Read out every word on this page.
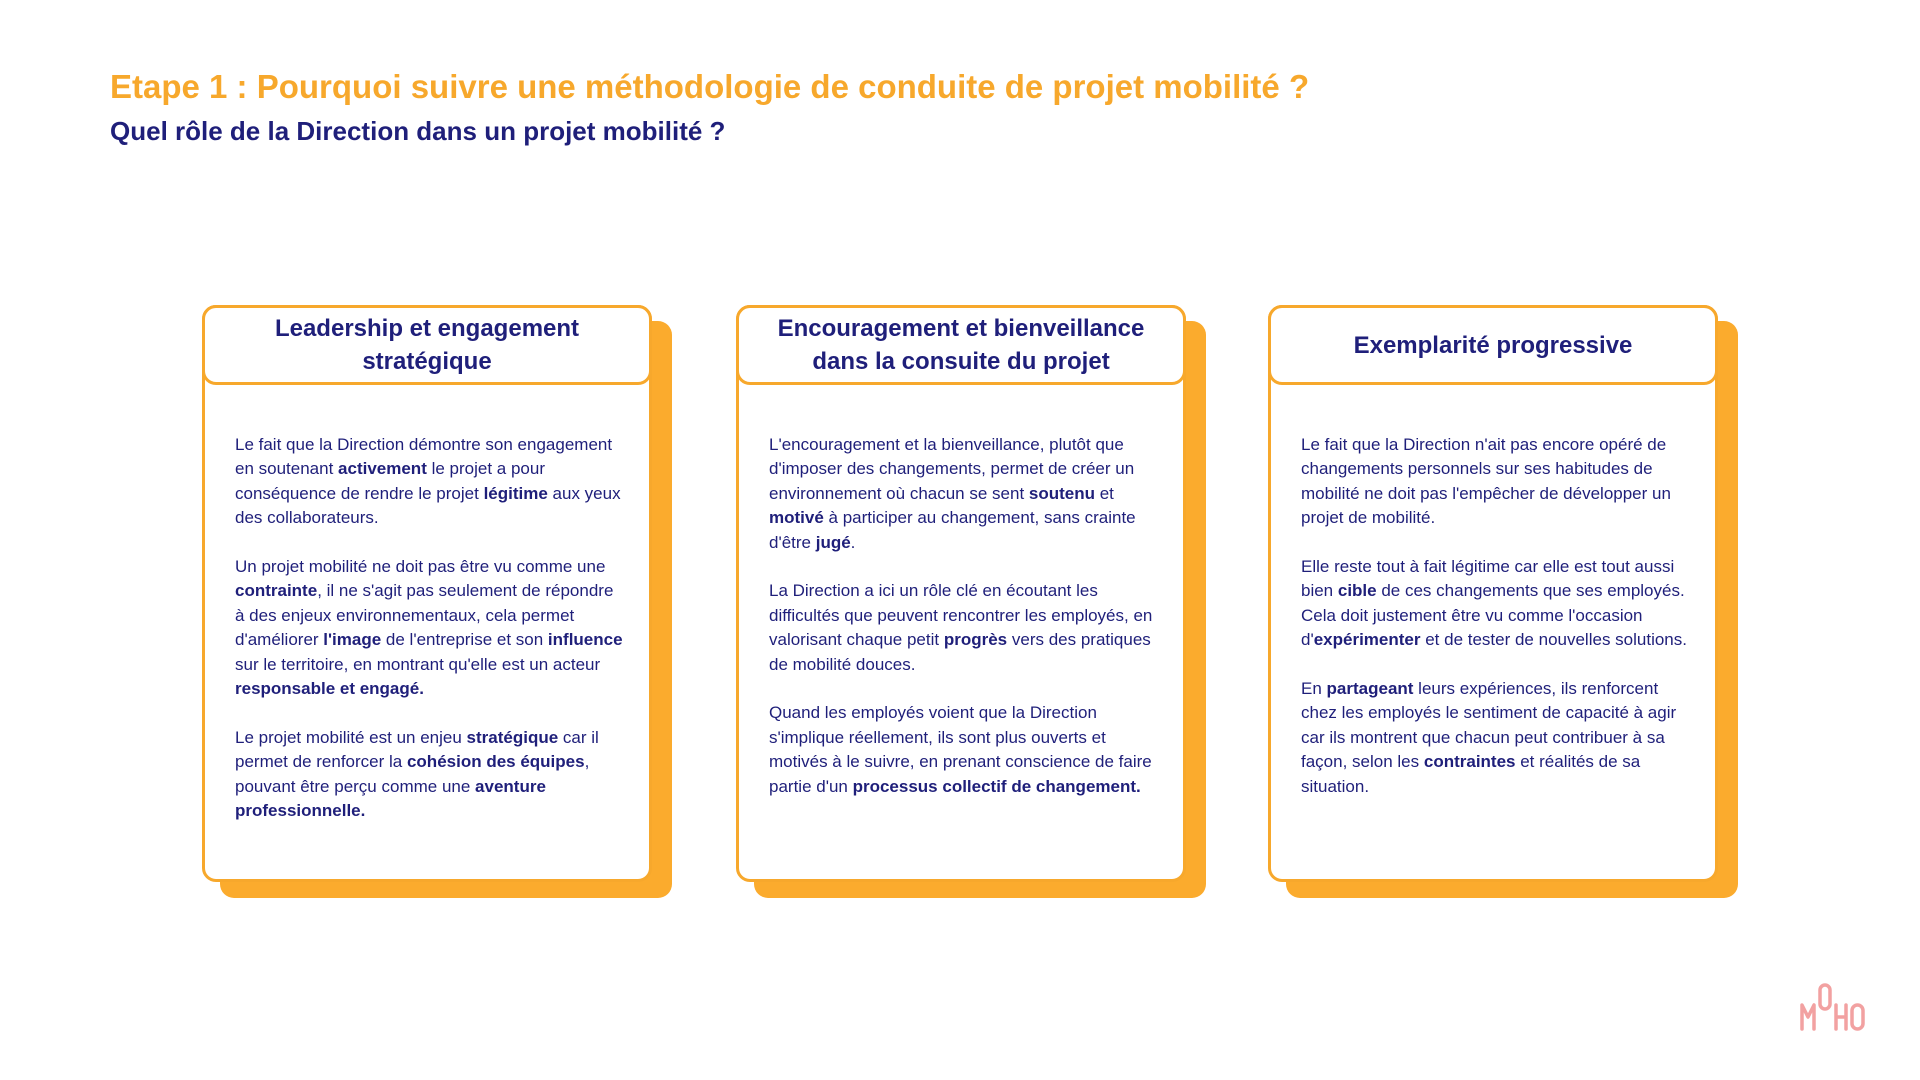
Etape 1 : Pourquoi suivre une méthodologie de conduite de projet mobilité ?
Quel rôle de la Direction dans un projet mobilité ?
Leadership et engagement stratégique

Le fait que la Direction démontre son engagement en soutenant activement le projet a pour conséquence de rendre le projet légitime aux yeux des collaborateurs.

Un projet mobilité ne doit pas être vu comme une contrainte, il ne s'agit pas seulement de répondre à des enjeux environnementaux, cela permet d'améliorer l'image de l'entreprise et son influence sur le territoire, en montrant qu'elle est un acteur responsable et engagé.

Le projet mobilité est un enjeu stratégique car il permet de renforcer la cohésion des équipes, pouvant être perçu comme une aventure professionnelle.

Encouragement et bienveillance dans la consuite du projet

L'encouragement et la bienveillance, plutôt que d'imposer des changements, permet de créer un environnement où chacun se sent soutenu et motivé à participer au changement, sans crainte d'être jugé.

La Direction a ici un rôle clé en écoutant les difficultés que peuvent rencontrer les employés, en valorisant chaque petit progrès vers des pratiques de mobilité douces.

Quand les employés voient que la Direction s'implique réellement, ils sont plus ouverts et motivés à le suivre, en prenant conscience de faire partie d'un processus collectif de changement.

Exemplarité progressive

Le fait que la Direction n'ait pas encore opéré de changements personnels sur ses habitudes de mobilité ne doit pas l'empêcher de développer un projet de mobilité.

Elle reste tout à fait légitime car elle est tout aussi bien cible de ces changements que ses employés. Cela doit justement être vu comme l'occasion d'expérimenter et de tester de nouvelles solutions.

En partageant leurs expériences, ils renforcent chez les employés le sentiment de capacité à agir car ils montrent que chacun peut contribuer à sa façon, selon les contraintes et réalités de sa situation.
